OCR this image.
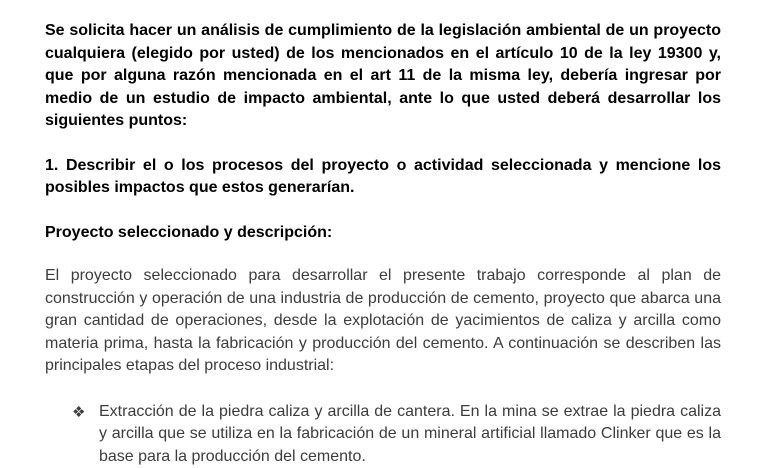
Se solicita hacer un análisis de cumplimiento de la legislación ambiental de un proyecto cualquiera (elegido por usted) de los mencionados en el artículo 10 de la ley 19300 y, que por alguna razón mencionada en el art 11 de la misma ley, debería ingresar por medio de un estudio de impacto ambiental, ante lo que usted deberá desarrollar los siguientes puntos:

1. Describir el o los procesos del proyecto o actividad seleccionada y mencione los posibles impactos que estos generarían.

Proyecto seleccionado y descripción:

El proyecto seleccionado para desarrollar el presente trabajo corresponde al plan de construcción y operación de una industria de producción de cemento, proyecto que abarca una gran cantidad de operaciones, desde la explotación de yacimientos de caliza y arcilla como materia prima, hasta la fabricación y producción del cemento. A continuación se describen las principales etapas del proceso industrial:

❖ Extracción de la piedra caliza y arcilla de cantera. En la mina se extrae la piedra caliza y arcilla que se utiliza en la fabricación de un mineral artificial llamado Clinker que es la base para la producción del cemento.
